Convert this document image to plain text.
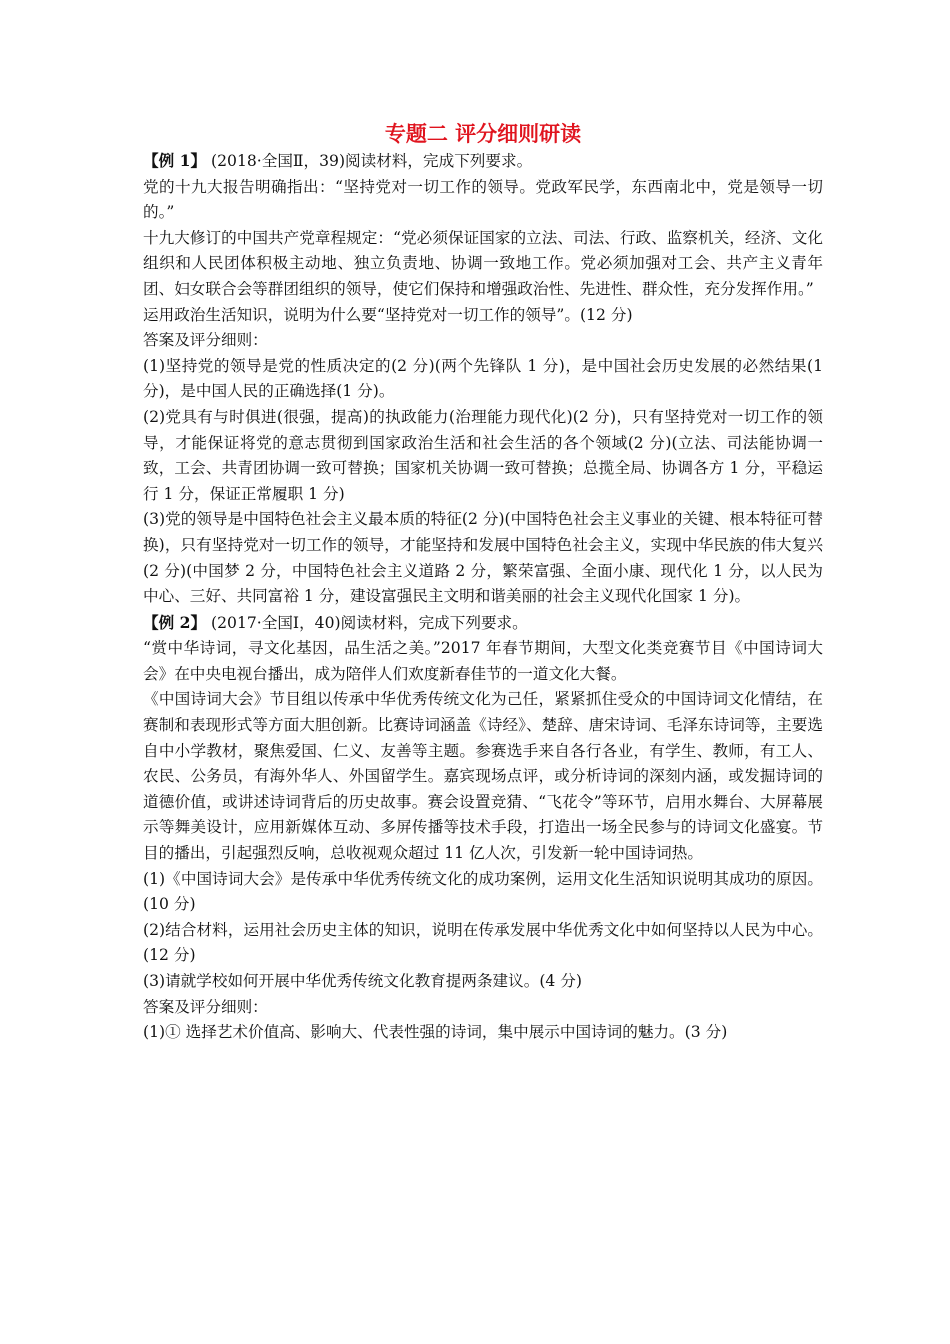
专题二 评分细则研读

【例 1】 (2018·全国Ⅱ，39)阅读材料，完成下列要求。

党的十九大报告明确指出：“坚持党对一切工作的领导。党政军民学，东西南北中，党是领导一切的。”

十九大修订的中国共产党章程规定：“党必须保证国家的立法、司法、行政、监察机关，经济、文化组织和人民团体积极主动地、独立负责地、协调一致地工作。党必须加强对工会、共产主义青年团、妇女联合会等群团组织的领导，使它们保持和增强政治性、先进性、群众性，充分发挥作用。”

运用政治生活知识，说明为什么要“坚持党对一切工作的领导”。(12 分)

答案及评分细则：

(1)坚持党的领导是党的性质决定的(2 分)(两个先锋队 1 分)，是中国社会历史发展的必然结果(1 分)，是中国人民的正确选择(1 分)。

(2)党具有与时俱进(很强，提高)的执政能力(治理能力现代化)(2 分)，只有坚持党对一切工作的领导，才能保证将党的意志贯彻到国家政治生活和社会生活的各个领域(2 分)(立法、司法能协调一致，工会、共青团协调一致可替换；国家机关协调一致可替换；总揽全局、协调各方 1 分，平稳运行 1 分，保证正常履职 1 分)

(3)党的领导是中国特色社会主义最本质的特征(2 分)(中国特色社会主义事业的关键、根本特征可替换)，只有坚持党对一切工作的领导，才能坚持和发展中国特色社会主义，实现中华民族的伟大复兴(2 分)(中国梦 2 分，中国特色社会主义道路 2 分，繁荣富强、全面小康、现代化 1 分，以人民为中心、三好、共同富裕 1 分，建设富强民主文明和谐美丽的社会主义现代化国家 1 分)。

【例 2】 (2017·全国Ⅰ，40)阅读材料，完成下列要求。

“赏中华诗词，寻文化基因，品生活之美。”2017 年春节期间，大型文化类竞赛节目《中国诗词大会》在中央电视台播出，成为陪伴人们欢度新春佳节的一道文化大餐。

《中国诗词大会》节目组以传承中华优秀传统文化为己任，紧紧抓住受众的中国诗词文化情结，在赛制和表现形式等方面大胆创新。比赛诗词涵盖《诗经》、楚辞、唐宋诗词、毛泽东诗词等，主要选自中小学教材，聚焦爱国、仁义、友善等主题。参赛选手来自各行各业，有学生、教师，有工人、农民、公务员，有海外华人、外国留学生。嘉宾现场点评，或分析诗词的深刻内涵，或发掘诗词的道德价值，或讲述诗词背后的历史故事。赛会设置竞猜、“飞花令”等环节，启用水舞台、大屏幕展示等舞美设计，应用新媒体互动、多屏传播等技术手段，打造出一场全民参与的诗词文化盛宴。节目的播出，引起强烈反响，总收视观众超过 11 亿人次，引发新一轮中国诗词热。

(1)《中国诗词大会》是传承中华优秀传统文化的成功案例，运用文化生活知识说明其成功的原因。(10 分)

(2)结合材料，运用社会历史主体的知识，说明在传承发展中华优秀文化中如何坚持以人民为中心。(12 分)

(3)请就学校如何开展中华优秀传统文化教育提两条建议。(4 分)

答案及评分细则：

(1)① 选择艺术价值高、影响大、代表性强的诗词，集中展示中国诗词的魅力。(3 分)
